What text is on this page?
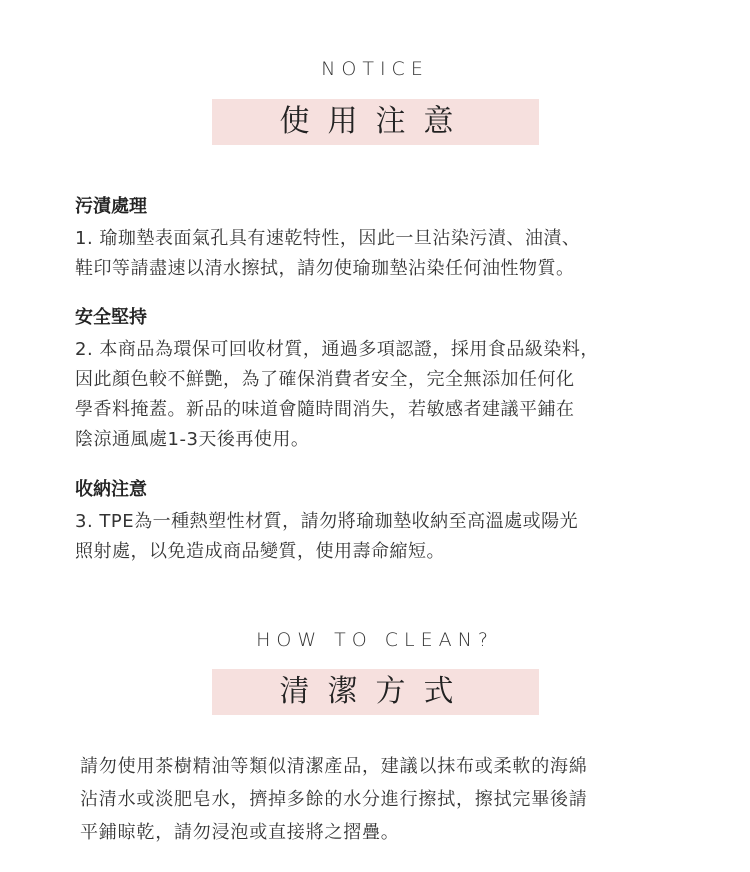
NOTICE
使用注意
污漬處理
1. 瑜珈墊表面氣孔具有速乾特性，因此一旦沾染污漬、油漬、
鞋印等請盡速以清水擦拭，請勿使瑜珈墊沾染任何油性物質。
安全堅持
2. 本商品為環保可回收材質，通過多項認證，採用食品級染料，
因此顏色較不鮮艷，為了確保消費者安全，完全無添加任何化
學香料掩蓋。新品的味道會隨時間消失，若敏感者建議平鋪在
陰涼通風處1-3天後再使用。
收納注意
3. TPE為一種熱塑性材質，請勿將瑜珈墊收納至高溫處或陽光
照射處，以免造成商品變質，使用壽命縮短。
HOW TO CLEAN?
清潔方式
請勿使用茶樹精油等類似清潔產品，建議以抹布或柔軟的海綿
沾清水或淡肥皂水，擠掉多餘的水分進行擦拭，擦拭完畢後請
平鋪晾乾，請勿浸泡或直接將之摺疊。
